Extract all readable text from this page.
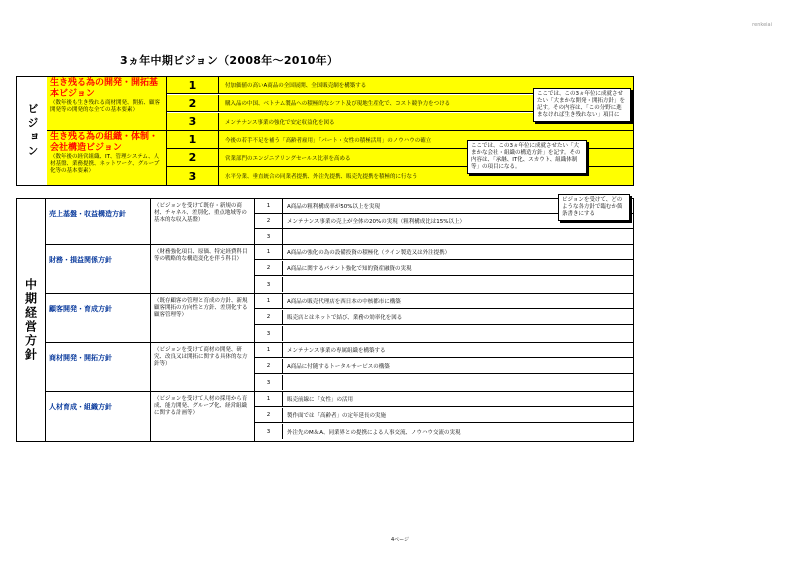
renkeiai
3ヵ年中期ビジョン（2008年～2010年）
ビジョン
生き残る為の開発・開拓基本ビジョン
（数年後も生き残れる商材開発、開拓、顧客開発等の開発的な全ての基本要素）
1	付加価値の高いA商品の全国展開、全国販売網を構築する
2	購入品の中国、ベトナム製品への積極的なシフト及び現地生産化で、コスト競争力をつける
3	メンテナンス事業の強化で安定収益化を図る
生き残る為の組織・体制・会社構造ビジョン
（数年後の経営組織、IT、管理システム、人材基盤、業務提携、ネットワーク、グループ化等の基本要素）
1	今後の若手不足を補う「高齢者雇用」「パート・女性の積極活用」のノウハウの確立
2	営業部門のエンジニアリングセールス比率を高める
3	水平分業、垂直統合の同業者提携、外注先提携、販売先提携を積極的に行なう
ここでは、この3ヵ年位に成就させたい「大まかな開発・開拓方針」を記す。その内容は、「この分野に進まなければ生き残れない」項目に
ここでは、この3ヵ年位に成就させたい「大まかな会社・組織の構造方針」を記す。その内容は、「承継、IT化、スカウト、組織体制等」の項目になる。
中期経営方針
売上基盤・収益構造方針
（ビジョンを受けて既存・新規の商材、チャネル、差別化、重点地域等の基本的な収入基盤）
1	A商品の粗利構成率が50%以上を実現
2	メンテナンス事業の売上が全体の20%の実現（粗利構成比は15%以上）
3
財務・損益関係方針
（財務強化項目、原価、特定経費科目等の戦略的な構造変化を伴う科目）
1	A商品の強化の為の設備投資の積極化（ライン製造又は外注提携）
2	A商品に関するパテント強化で知的資産融資の実現
3
顧客開発・育成方針
（既存顧客の管理と育成の方針、新規顧客開拓の方向性と方針、差別化する顧客管理等）
1	A商品の販売代理店を西日本の中核都市に構築
2	販売店とはネットで結び、業務の効率化を図る
3
商材開発・開拓方針
（ビジョンを受けて商材の開発、研究、改良又は開拓に関する具体的な方針等）
1	メンテナンス事業の専属組織を構築する
2	A商品に付随するトータルサービスの構築
3
人材育成・組織方針
（ビジョンを受けて人材の採用から育成、能力開発、グループ化、経営組織に関する計画等）
1	販売前線に「女性」の活用
2	製作面では「高齢者」の定年延長の実施
3	外注先のM＆A、同業界との提携による人事交流、ノウハウ交流の実現
ビジョンを受けて、どのような各方針で臨むか箇条書きにする
4ページ
